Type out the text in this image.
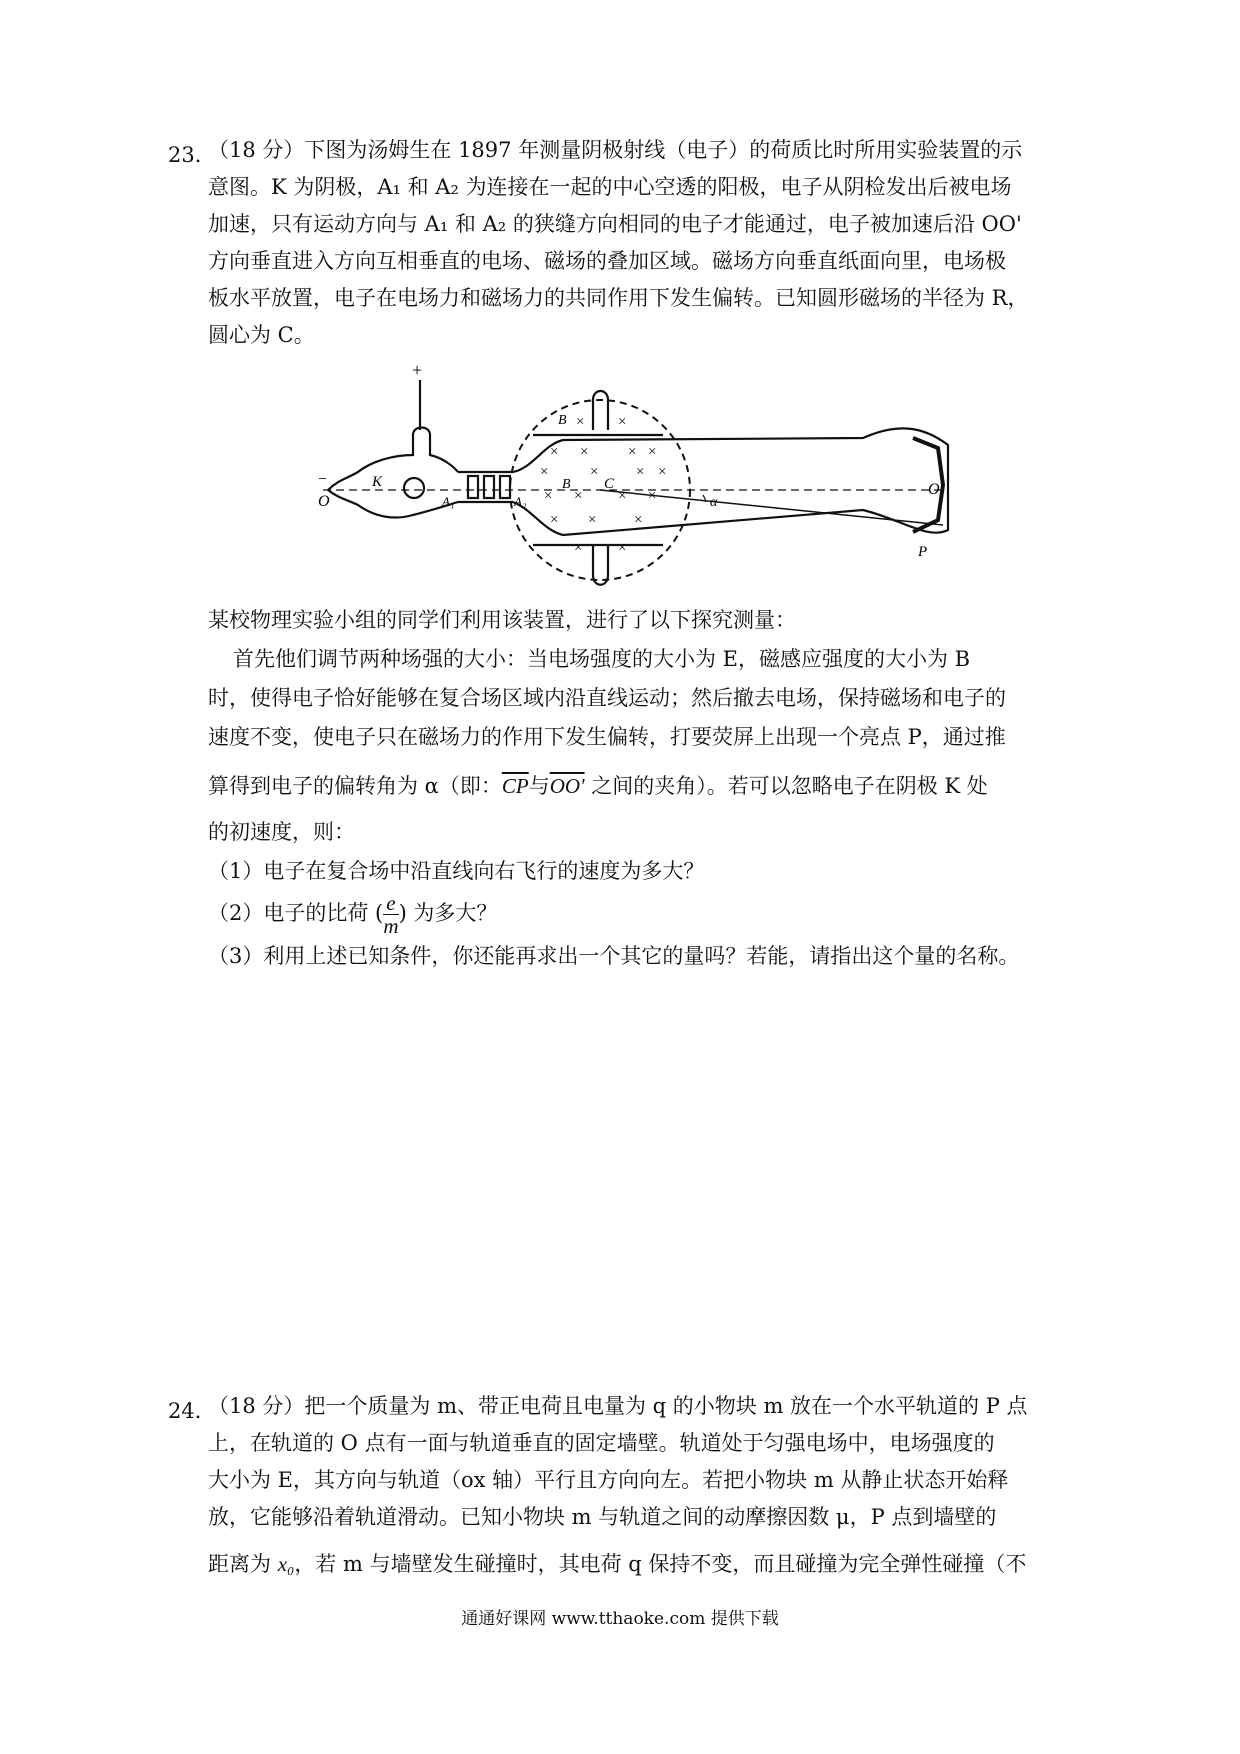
23．
（18 分）下图为汤姆生在 1897 年测量阴极射线（电子）的荷质比时所用实验装置的示
意图。K 为阴极，A₁ 和 A₂ 为连接在一起的中心空透的阳极，电子从阴检发出后被电场
加速，只有运动方向与 A₁ 和 A₂ 的狭缝方向相同的电子才能通过，电子被加速后沿 OO'
方向垂直进入方向互相垂直的电场、磁场的叠加区域。磁场方向垂直纸面向里，电场极
板水平放置，电子在电场力和磁场力的共同作用下发生偏转。已知圆形磁场的半径为 R，
圆心为 C。
× ×
× ×	× ×
×	×	× ×
× × × ×
× ×	×
× ×
+
−
O
K
A₁	A₂
B
B C
α
O'
P
某校物理实验小组的同学们利用该装置，进行了以下探究测量：
首先他们调节两种场强的大小：当电场强度的大小为 E，磁感应强度的大小为 B
时，使得电子恰好能够在复合场区域内沿直线运动；然后撤去电场，保持磁场和电子的
速度不变，使电子只在磁场力的作用下发生偏转，打要荧屏上出现一个亮点 P，通过推
算得到电子的偏转角为 α（即：$\overline{CP}$与OO' 之间的夹角）。若可以忽略电子在阴极 K 处
的初速度，则：
（1）电子在复合场中沿直线向右飞行的速度为多大？
（2）电子的比荷 ( $\frac{e}{m}$ ) 为多大？
（3）利用上述已知条件，你还能再求出一个其它的量吗？若能，请指出这个量的名称。
24．
（18 分）把一个质量为 m、带正电荷且电量为 q 的小物块 m 放在一个水平轨道的 P 点
上，在轨道的 O 点有一面与轨道垂直的固定墙壁。轨道处于匀强电场中，电场强度的
大小为 E，其方向与轨道（ox 轴）平行且方向向左。若把小物块 m 从静止状态开始释
放，它能够沿着轨道滑动。已知小物块 m 与轨道之间的动摩擦因数 μ，P 点到墙壁的
距离为 x₀，若 m 与墙壁发生碰撞时，其电荷 q 保持不变，而且碰撞为完全弹性碰撞（不
通通好课网 www.tthaoke.com 提供下载
